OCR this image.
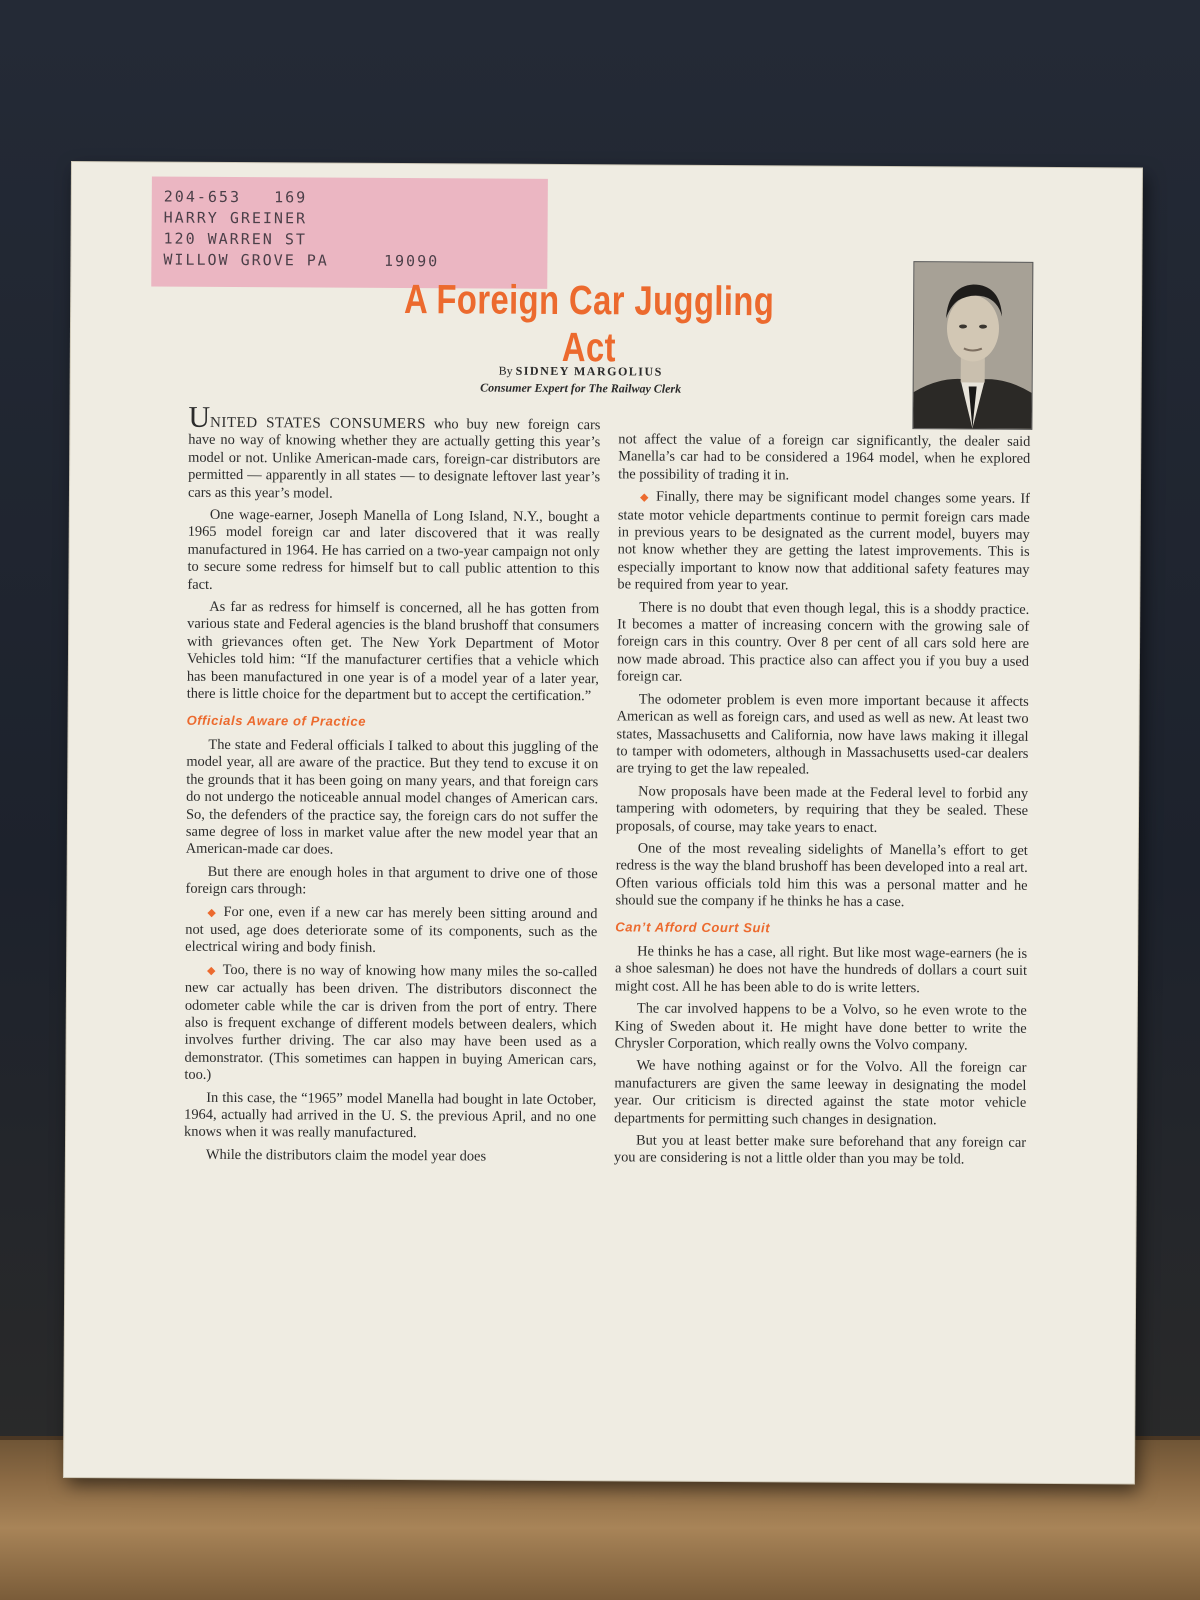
204-653   169
HARRY GREINER
120 WARREN ST
WILLOW GROVE PA     19090
A Foreign Car Juggling Act
By SIDNEY MARGOLIUS
Consumer Expert for The Railway Clerk

UNITED STATES CONSUMERS who buy new foreign cars have no way of knowing whether they are actually getting this year’s model or not. Unlike American-made cars, foreign-car distributors are permitted — apparently in all states — to designate leftover last year’s cars as this year’s model.

One wage-earner, Joseph Manella of Long Island, N.Y., bought a 1965 model foreign car and later discovered that it was really manufactured in 1964. He has carried on a two-year campaign not only to secure some redress for himself but to call public attention to this fact.

As far as redress for himself is concerned, all he has gotten from various state and Federal agencies is the bland brushoff that consumers with grievances often get. The New York Department of Motor Vehicles told him: “If the manufacturer certifies that a vehicle which has been manufactured in one year is of a model year of a later year, there is little choice for the department but to accept the certification.”

Officials Aware of Practice

The state and Federal officials I talked to about this juggling of the model year, all are aware of the practice. But they tend to excuse it on the grounds that it has been going on many years, and that foreign cars do not undergo the noticeable annual model changes of American cars. So, the defenders of the practice say, the foreign cars do not suffer the same degree of loss in market value after the new model year that an American-made car does.

But there are enough holes in that argument to drive one of those foreign cars through:

◆ For one, even if a new car has merely been sitting around and not used, age does deteriorate some of its components, such as the electrical wiring and body finish.

◆ Too, there is no way of knowing how many miles the so-called new car actually has been driven. The distributors disconnect the odometer cable while the car is driven from the port of entry. There also is frequent exchange of different models between dealers, which involves further driving. The car also may have been used as a demonstrator. (This sometimes can happen in buying American cars, too.)

In this case, the “1965” model Manella had bought in late October, 1964, actually had arrived in the U. S. the previous April, and no one knows when it was really manufactured.

While the distributors claim the model year does

not affect the value of a foreign car significantly, the dealer said Manella’s car had to be considered a 1964 model, when he explored the possibility of trading it in.

◆ Finally, there may be significant model changes some years. If state motor vehicle departments continue to permit foreign cars made in previous years to be designated as the current model, buyers may not know whether they are getting the latest improvements. This is especially important to know now that additional safety features may be required from year to year.

There is no doubt that even though legal, this is a shoddy practice. It becomes a matter of increasing concern with the growing sale of foreign cars in this country. Over 8 per cent of all cars sold here are now made abroad. This practice also can affect you if you buy a used foreign car.

The odometer problem is even more important because it affects American as well as foreign cars, and used as well as new. At least two states, Massachusetts and California, now have laws making it illegal to tamper with odometers, although in Massachusetts used-car dealers are trying to get the law repealed.

Now proposals have been made at the Federal level to forbid any tampering with odometers, by requiring that they be sealed. These proposals, of course, may take years to enact.

One of the most revealing sidelights of Manella’s effort to get redress is the way the bland brushoff has been developed into a real art. Often various officials told him this was a personal matter and he should sue the company if he thinks he has a case.

Can’t Afford Court Suit

He thinks he has a case, all right. But like most wage-earners (he is a shoe salesman) he does not have the hundreds of dollars a court suit might cost. All he has been able to do is write letters.

The car involved happens to be a Volvo, so he even wrote to the King of Sweden about it. He might have done better to write the Chrysler Corporation, which really owns the Volvo company.

We have nothing against or for the Volvo. All the foreign car manufacturers are given the same leeway in designating the model year. Our criticism is directed against the state motor vehicle departments for permitting such changes in designation.

But you at least better make sure beforehand that any foreign car you are considering is not a little older than you may be told.
